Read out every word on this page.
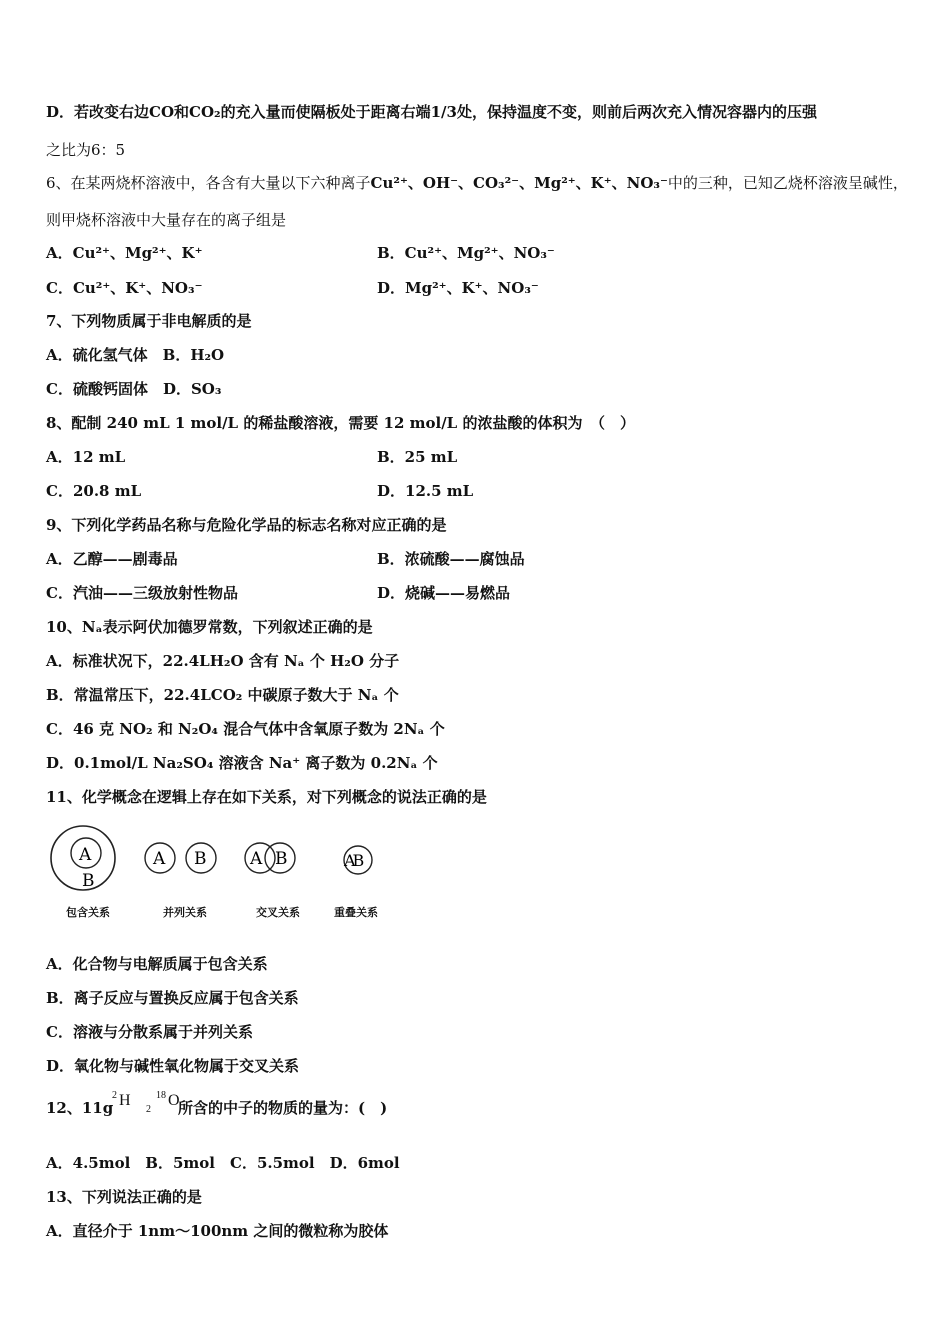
D．若改变右边CO和CO₂的充入量而使隔板处于距离右端1/3处，保持温度不变，则前后两次充入情况容器内的压强
之比为6：5
6、在某两烧杯溶液中，各含有大量以下六种离子Cu²⁺、OH⁻、CO₃²⁻、Mg²⁺、K⁺、NO₃⁻中的三种，已知乙烧杯溶液呈碱性，
则甲烧杯溶液中大量存在的离子组是
A．Cu²⁺、Mg²⁺、K⁺	B．Cu²⁺、Mg²⁺、NO₃⁻
C．Cu²⁺、K⁺、NO₃⁻	D．Mg²⁺、K⁺、NO₃⁻
7、下列物质属于非电解质的是
A．硫化氢气体　B．H₂O
C．硫酸钙固体　D．SO₃
8、配制 240 mL 1 mol/L 的稀盐酸溶液，需要 12 mol/L 的浓盐酸的体积为　（　）
A．12 mL	B．25 mL
C．20.8 mL	D．12.5 mL
9、下列化学药品名称与危险化学品的标志名称对应正确的是
A．乙醇——剧毒品	B．浓硫酸——腐蚀品
C．汽油——三级放射性物品	D．烧碱——易燃品
10、Nₐ表示阿伏加德罗常数，下列叙述正确的是
A．标准状况下，22.4LH₂O 含有 Nₐ 个 H₂O 分子
B．常温常压下，22.4LCO₂ 中碳原子数大于 Nₐ 个
C．46 克 NO₂ 和 N₂O₄ 混合气体中含氧原子数为 2Nₐ 个
D．0.1mol/L Na₂SO₄ 溶液含 Na⁺ 离子数为 0.2Nₐ 个
11、化学概念在逻辑上存在如下关系，对下列概念的说法正确的是
A
B
A B	A B	AB
包含关系	并列关系	交叉关系	重叠关系
A．化合物与电解质属于包含关系
B．离子反应与置换反应属于包含关系
C．溶液与分散系属于并列关系
D．氧化物与碱性氧化物属于交叉关系
12、11g
2 H
2
18 O
所含的中子的物质的量为：(　)
A．4.5mol　B．5mol　C．5.5mol　D．6mol
13、下列说法正确的是
A．直径介于 1nm～100nm 之间的微粒称为胶体
